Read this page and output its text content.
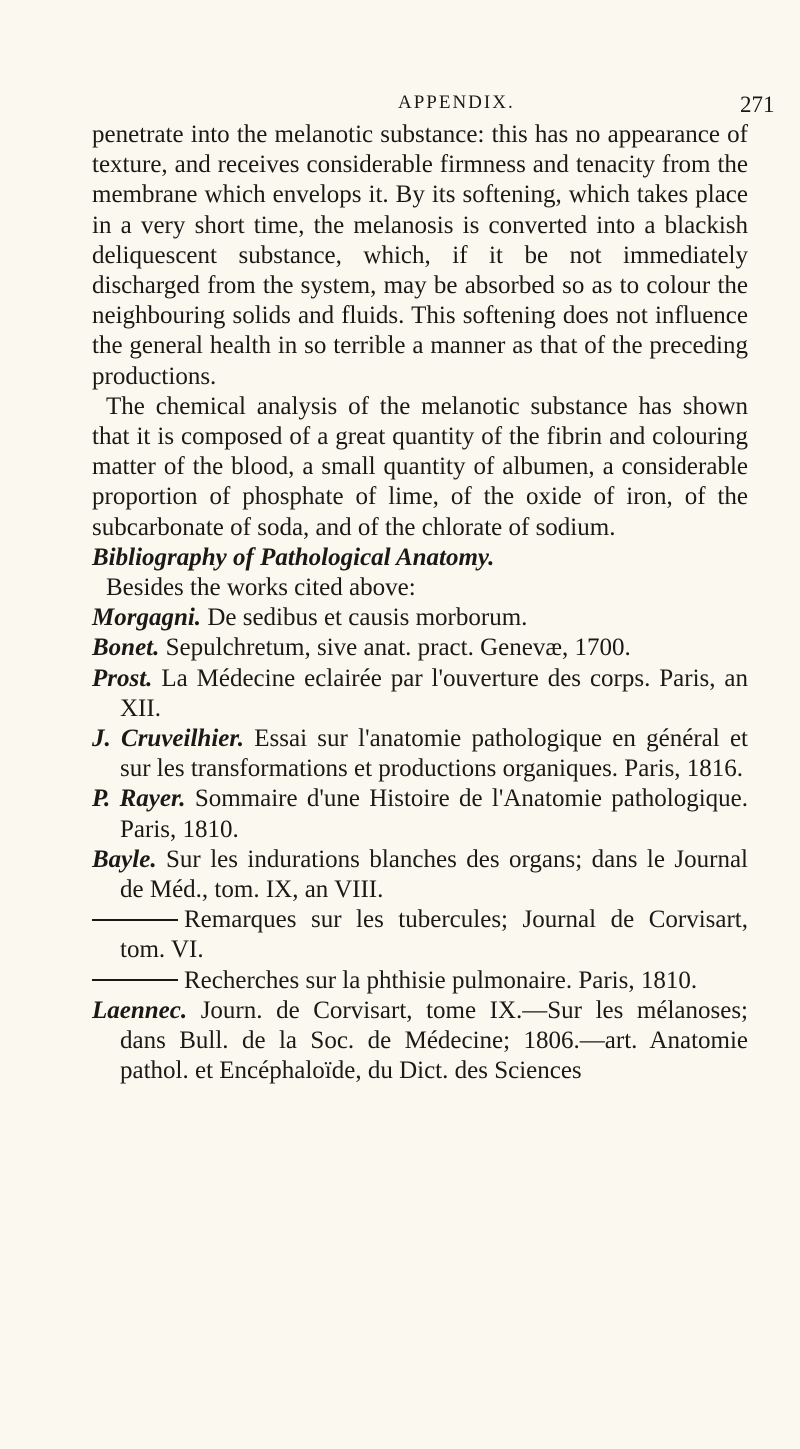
APPENDIX.	271

penetrate into the melanotic substance: this has no appearance of texture, and receives considerable firmness and tenacity from the membrane which envelops it. By its softening, which takes place in a very short time, the melanosis is converted into a blackish deliquescent substance, which, if it be not immediately discharged from the system, may be absorbed so as to colour the neighbouring solids and fluids. This softening does not influence the general health in so terrible a manner as that of the preceding productions.

The chemical analysis of the melanotic substance has shown that it is composed of a great quantity of the fibrin and colouring matter of the blood, a small quantity of albumen, a considerable proportion of phosphate of lime, of the oxide of iron, of the subcarbonate of soda, and of the chlorate of sodium.

Bibliography of Pathological Anatomy.

Besides the works cited above:

Morgagni. De sedibus et causis morborum.

Bonet. Sepulchretum, sive anat. pract. Genevæ, 1700.

Prost. La Médecine eclairée par l'ouverture des corps. Paris, an XII.

J. Cruveilhier. Essai sur l'anatomie pathologique en général et sur les transformations et productions organiques. Paris, 1816.

P. Rayer. Sommaire d'une Histoire de l'Anatomie pathologique. Paris, 1810.

Bayle. Sur les indurations blanches des organs; dans le Journal de Méd., tom. IX, an VIII.

Remarques sur les tubercules; Journal de Corvisart, tom. VI.

Recherches sur la phthisie pulmonaire. Paris, 1810.

Laennec. Journ. de Corvisart, tome IX.—Sur les mélanoses; dans Bull. de la Soc. de Médecine; 1806.—art. Anatomie pathol. et Encéphaloïde, du Dict. des Sciences
